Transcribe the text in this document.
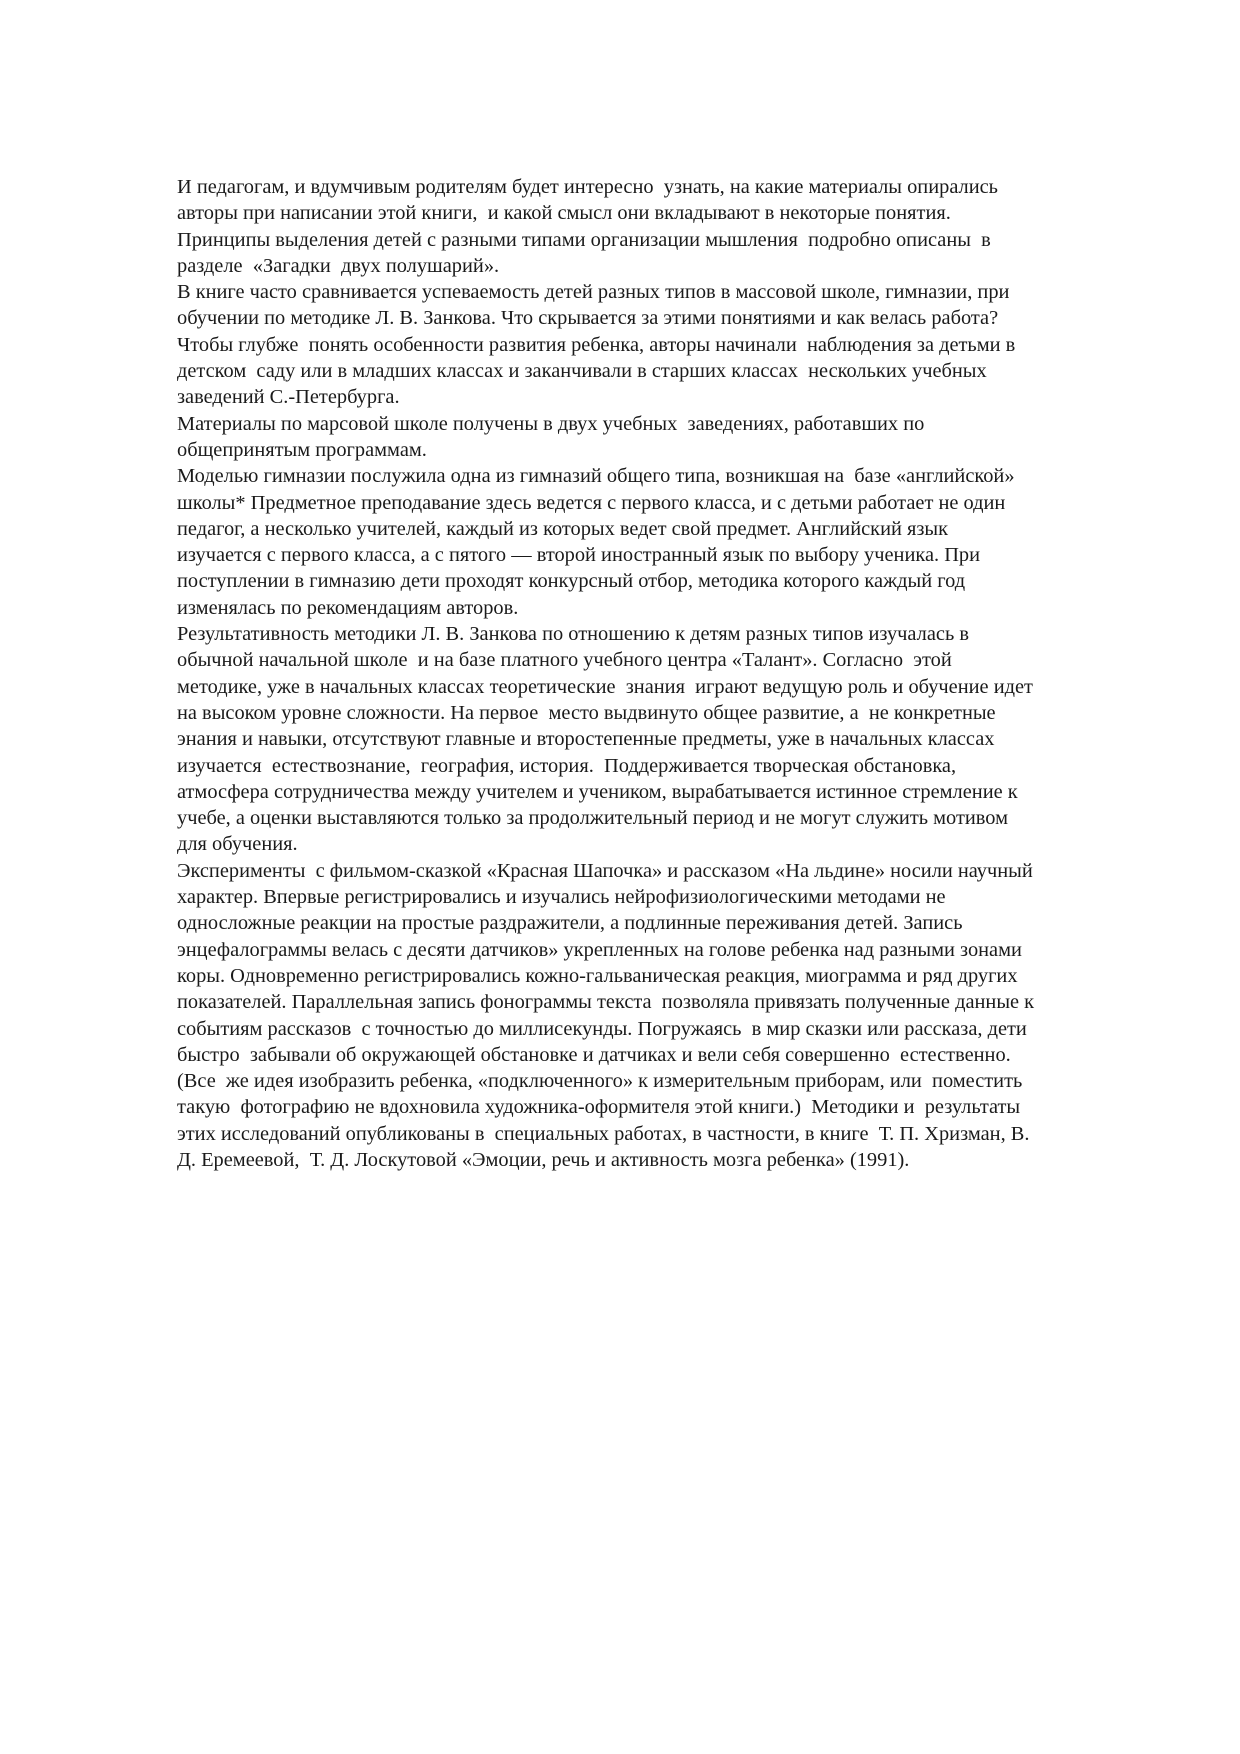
И педагогам, и вдумчивым родителям будет интересно  узнать, на какие материалы опирались
авторы при написании этой книги,  и какой смысл они вкладывают в некоторые понятия.
Принципы выделения детей с разными типами организации мышления  подробно описаны  в
разделе  «Загадки  двух полушарий».
В книге часто сравнивается успеваемость детей разных типов в массовой школе, гимназии, при
обучении по методике Л. В. Занкова. Что скрывается за этими понятиями и как велась работа?
Чтобы глубже  понять особенности развития ребенка, авторы начинали  наблюдения за детьми в
детском  саду или в младших классах и заканчивали в старших классах  нескольких учебных
заведений С.-Петербурга.
Материалы по марсовой школе получены в двух учебных  заведениях, работавших по
общепринятым программам.
Моделью гимназии послужила одна из гимназий общего типа, возникшая на  базе «английской»
школы* Предметное преподавание здесь ведется с первого класса, и с детьми работает не один
педагог, а несколько учителей, каждый из которых ведет свой предмет. Английский язык
изучается с первого класса, а с пятого — второй иностранный язык по выбору ученика. При
поступлении в гимназию дети проходят конкурсный отбор, методика которого каждый год
изменялась по рекомендациям авторов.
Результативность методики Л. В. Занкова по отношению к детям разных типов изучалась в
обычной начальной школе  и на базе платного учебного центра «Талант». Согласно  этой
методике, уже в начальных классах теоретические  знания  играют ведущую роль и обучение идет
на высоком уровне сложности. На первое  место выдвинуто общее развитие, а  не конкретные
энания и навыки, отсутствуют главные и второстепенные предметы, уже в начальных классах
изучается  естествознание,  география, история.  Поддерживается творческая обстановка,
атмосфера сотрудничества между учителем и учеником, вырабатывается истинное стремление к
учебе, а оценки выставляются только за продолжительный период и не могут служить мотивом
для обучения.
Эксперименты  с фильмом-сказкой «Красная Шапочка» и рассказом «На льдине» носили научный
характер. Впервые регистрировались и изучались нейрофизиологическими методами не
односложные реакции на простые раздражители, а подлинные переживания детей. Запись
энцефалограммы велась с десяти датчиков» укрепленных на голове ребенка над разными зонами
коры. Одновременно регистрировались кожно-гальваническая реакция, миограмма и ряд других
показателей. Параллельная запись фонограммы текста  позволяла привязать полученные данные к
событиям рассказов  с точностью до миллисекунды. Погружаясь  в мир сказки или рассказа, дети
быстро  забывали об окружающей обстановке и датчиках и вели себя совершенно  естественно.
(Все  же идея изобразить ребенка, «подключенного» к измерительным приборам, или  поместить
такую  фотографию не вдохновила художника-оформителя этой книги.)  Методики и  результаты
этих исследований опубликованы в  специальных работах, в частности, в книге  Т. П. Хризман, В.
Д. Еремеевой,  Т. Д. Лоскутовой «Эмоции, речь и активность мозга ребенка» (1991).
